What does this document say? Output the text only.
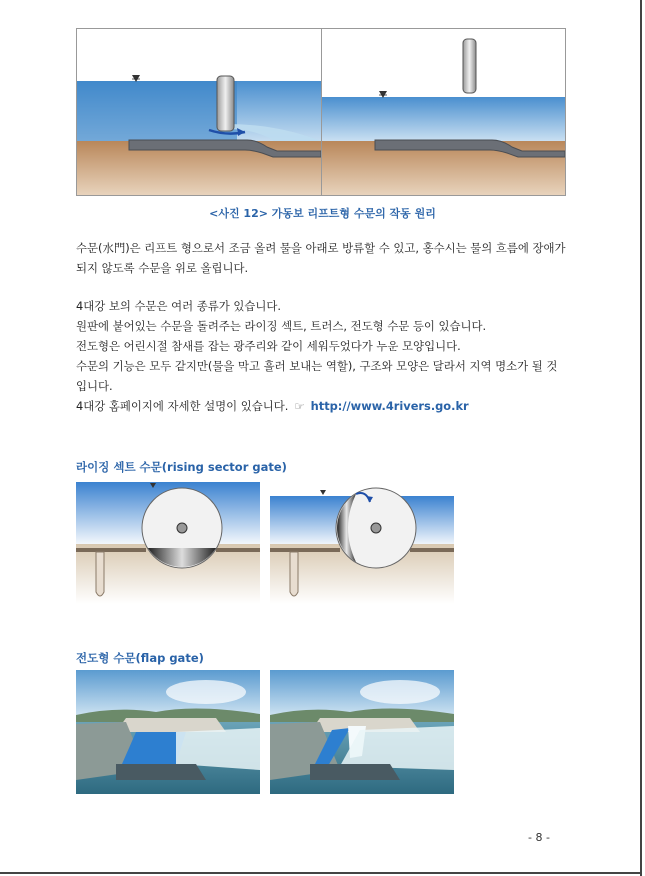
<사진 12> 가동보 리프트형 수문의 작동 원리
수문(水門)은 리프트 형으로서 조금 올려 물을 아래로 방류할 수 있고, 홍수시는 물의 흐름에 장애가 되지 않도록 수문을 위로 올립니다.
4대강 보의 수문은 여러 종류가 있습니다.
원판에 붙어있는 수문을 돌려주는 라이징 섹트, 트러스, 전도형 수문 등이 있습니다.
전도형은 어린시절 참새를 잡는 광주리와 같이 세워두었다가 누운 모양입니다.
수문의 기능은 모두 같지만(물을 막고 흘러 보내는 역할), 구조와 모양은 달라서 지역 명소가 될 것입니다.
4대강 홈페이지에 자세한 설명이 있습니다. ☞ http://www.4rivers.go.kr
라이징 섹트 수문(rising sector gate)
전도형 수문(flap gate)
- 8 -
